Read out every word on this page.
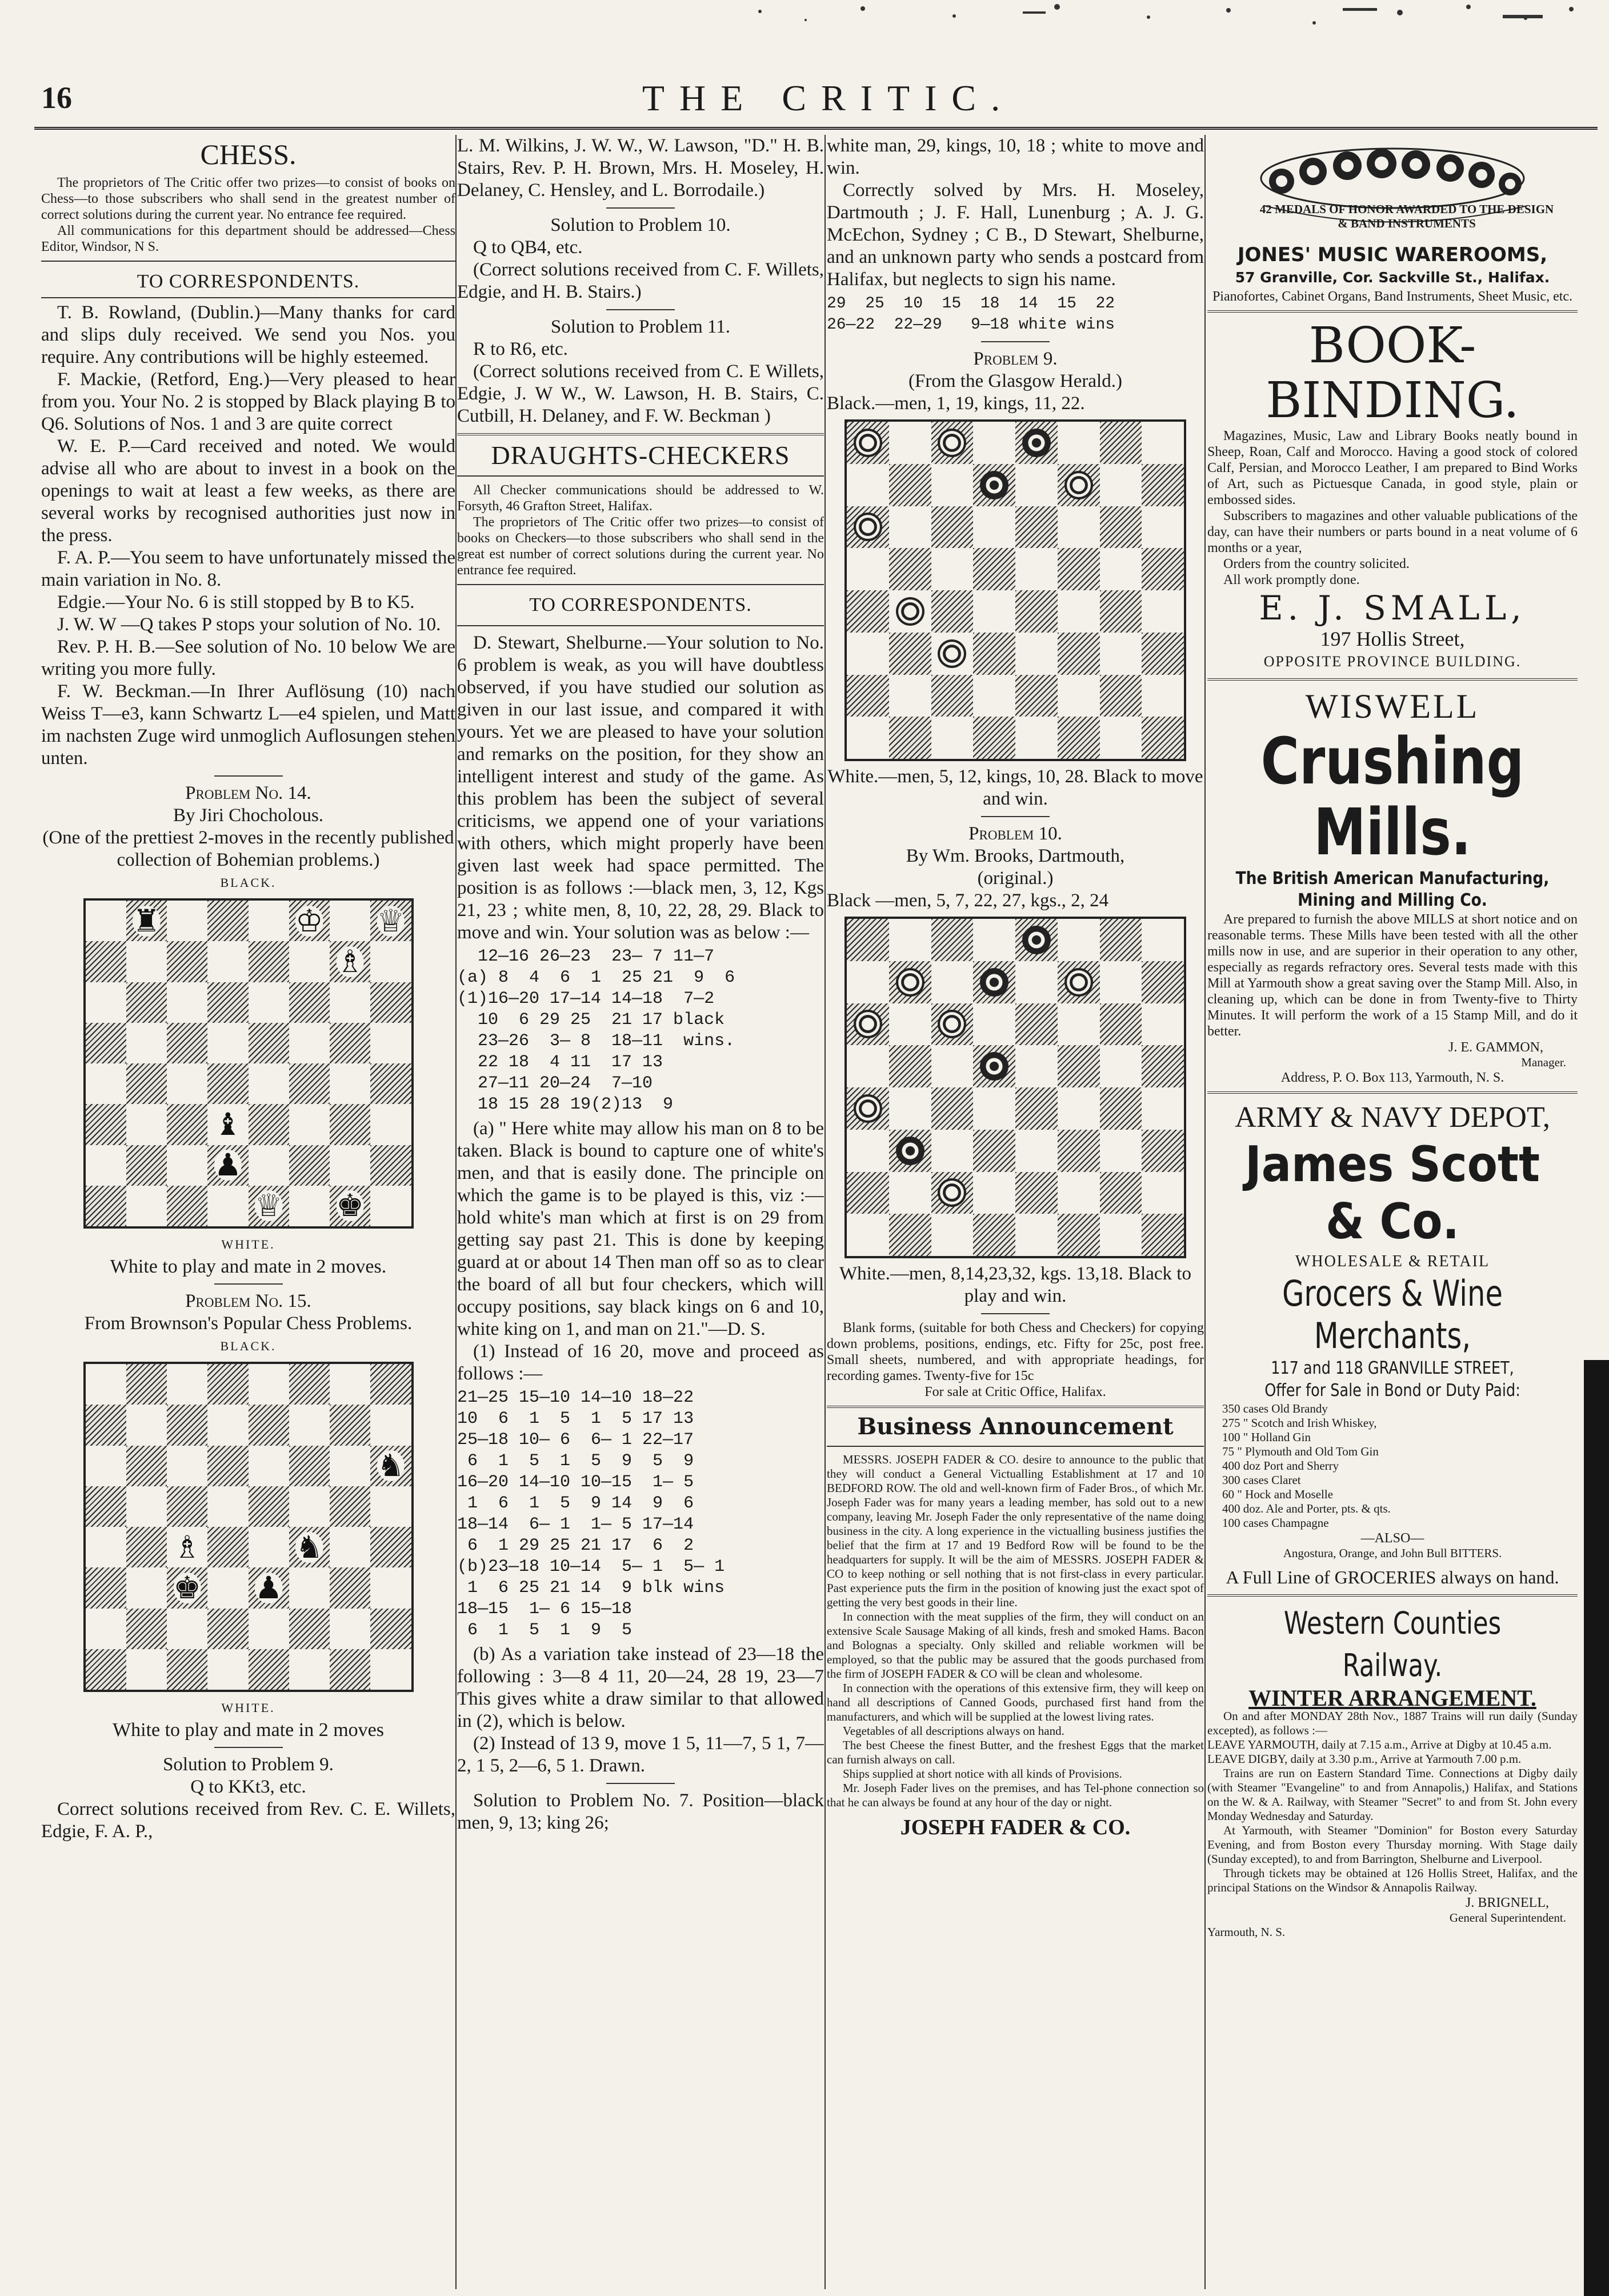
16	THE CRITIC.
CHESS.

The proprietors of The Critic offer two prizes—to consist of books on Chess—to those subscribers who shall send in the greatest number of correct solutions during the current year. No entrance fee required.

All communications for this department should be addressed—Chess Editor, Windsor, N S.

TO CORRESPONDENTS.

T. B. Rowland, (Dublin.)—Many thanks for card and slips duly received. We send you Nos. you require. Any contributions will be highly esteemed.

F. Mackie, (Retford, Eng.)—Very pleased to hear from you. Your No. 2 is stopped by Black playing B to Q6. Solutions of Nos. 1 and 3 are quite correct

W. E. P.—Card received and noted. We would advise all who are about to invest in a book on the openings to wait at least a few weeks, as there are several works by recognised authorities just now in the press.

F. A. P.—You seem to have unfortunately missed the main variation in No. 8.

Edgie.—Your No. 6 is still stopped by B to K5.

J. W. W —Q takes P stops your solution of No. 10.

Rev. P. H. B.—See solution of No. 10 below We are writing you more fully.

F. W. Beckman.—In Ihrer Auflösung (10) nach Weiss T—e3, kann Schwartz L—e4 spielen, und Matt im nachsten Zuge wird unmoglich Auflosungen stehen unten.

Problem No. 14.
By Jiri Chocholous.

(One of the prettiest 2-moves in the recently published collection of Bohemian problems.)

BLACK.
♜	♔ ♕
♗
♝
♟
♕ ♚
WHITE.
White to play and mate in 2 moves.
Problem No. 15.

From Brownson's Popular Chess Problems.

BLACK.
♞
♗	♞
♚ ♟
WHITE.
White to play and mate in 2 moves
Solution to Problem 9.
Q to KKt3, etc.

Correct solutions received from Rev. C. E. Willets, Edgie, F. A. P.,

L. M. Wilkins, J. W. W., W. Lawson, "D." H. B. Stairs, Rev. P. H. Brown, Mrs. H. Moseley, H. Delaney, C. Hensley, and L. Borrodaile.)

Solution to Problem 10.
Q to QB4, etc.

(Correct solutions received from C. F. Willets, Edgie, and H. B. Stairs.)

Solution to Problem 11.
R to R6, etc.

(Correct solutions received from C. E Willets, Edgie, J. W W., W. Lawson, H. B. Stairs, C. Cutbill, H. Delaney, and F. W. Beckman )

DRAUGHTS-CHECKERS

All Checker communications should be addressed to W. Forsyth, 46 Grafton Street, Halifax.

The proprietors of The Critic offer two prizes—to consist of books on Checkers—to those subscribers who shall send in the great est number of correct solutions during the current year. No entrance fee required.

TO CORRESPONDENTS.

D. Stewart, Shelburne.—Your solution to No. 6 problem is weak, as you will have doubtless observed, if you have studied our solution as given in our last issue, and compared it with yours. Yet we are pleased to have your solution and remarks on the position, for they show an intelligent interest and study of the game. As this problem has been the subject of several criticisms, we append one of your variations with others, which might properly have been given last week had space permitted. The position is as follows :—black men, 3, 12, Kgs 21, 23 ; white men, 8, 10, 22, 28, 29. Black to move and win. Your solution was as below :—

12—16 26—23  23— 7 11—7
(a) 8  4  6  1  25 21  9  6
(1)16—20 17—14 14—18  7—2
10  6 29 25  21 17 black
23—26  3— 8  18—11  wins.
22 18  4 11  17 13
27—11 20—24  7—10
18 15 28 19(2)13  9

(a) " Here white may allow his man on 8 to be taken. Black is bound to capture one of white's men, and that is easily done. The principle on which the game is to be played is this, viz :—hold white's man which at first is on 29 from getting say past 21. This is done by keeping guard at or about 14 Then man off so as to clear the board of all but four checkers, which will occupy positions, say black kings on 6 and 10, white king on 1, and man on 21."—D. S.

(1) Instead of 16 20, move and proceed as follows :—

21—25 15—10 14—10 18—22
10  6  1  5  1  5 17 13
25—18 10— 6  6— 1 22—17
6  1  5  1  5  9  5  9
16—20 14—10 10—15  1— 5
1  6  1  5  9 14  9  6
18—14  6— 1  1— 5 17—14
6  1 29 25 21 17  6  2
(b)23—18 10—14  5— 1  5— 1
1  6 25 21 14  9 blk wins
18—15  1— 6 15—18
6  1  5  1  9  5

(b) As a variation take instead of 23—18 the following : 3—8 4 11, 20—24, 28 19, 23—7 This gives white a draw similar to that allowed in (2), which is below.

(2) Instead of 13 9, move 1 5, 11—7, 5 1, 7—2, 1 5, 2—6, 5 1. Drawn.

Solution to Problem No. 7. Position—black men, 9, 13; king 26;

white man, 29, kings, 10, 18 ; white to move and win.

Correctly solved by Mrs. H. Moseley, Dartmouth ; J. F. Hall, Lunenburg ; A. J. G. McEchon, Sydney ; C B., D Stewart, Shelburne, and an unknown party who sends a postcard from Halifax, but neglects to sign his name.

29  25  10  15  18  14  15  22
26—22  22—29   9—18 white wins
Problem 9.
(From the Glasgow Herald.)
Black.—men, 1, 19, kings, 11, 22.

White.—men, 5, 12, kings, 10, 28. Black to move and win.

Problem 10.
By Wm. Brooks, Dartmouth,
(original.)
Black —men, 5, 7, 22, 27, kgs., 2, 24

White.—men, 8,14,23,32, kgs. 13,18. Black to play and win.

Blank forms, (suitable for both Chess and Checkers) for copying down problems, positions, endings, etc. Fifty for 25c, post free. Small sheets, numbered, and with appropriate headings, for recording games. Twenty-five for 15c

For sale at Critic Office, Halifax.
Business Announcement

MESSRS. JOSEPH FADER & CO. desire to announce to the public that they will conduct a General Victualling Establishment at 17 and 10 BEDFORD ROW. The old and well-known firm of Fader Bros., of which Mr. Joseph Fader was for many years a leading member, has sold out to a new company, leaving Mr. Joseph Fader the only representative of the name doing business in the city. A long experience in the victualling business justifies the belief that the firm at 17 and 19 Bedford Row will be found to be the headquarters for supply. It will be the aim of MESSRS. JOSEPH FADER & CO to keep nothing or sell nothing that is not first-class in every particular. Past experience puts the firm in the position of knowing just the exact spot of getting the very best goods in their line.

In connection with the meat supplies of the firm, they will conduct on an extensive Scale Sausage Making of all kinds, fresh and smoked Hams. Bacon and Bolognas a specialty. Only skilled and reliable workmen will be employed, so that the public may be assured that the goods purchased from the firm of JOSEPH FADER & CO will be clean and wholesome.

In connection with the operations of this extensive firm, they will keep on hand all descriptions of Canned Goods, purchased first hand from the manufacturers, and which will be supplied at the lowest living rates.

Vegetables of all descriptions always on hand.

The best Cheese the finest Butter, and the freshest Eggs that the market can furnish always on call.

Ships supplied at short notice with all kinds of Provisions.

Mr. Joseph Fader lives on the premises, and has Tel-phone connection so that he can always be found at any hour of the day or night.

JOSEPH FADER & CO.
42 MEDALS OF HONOR AWARDED TO THE DESIGN & BAND INSTRUMENTS
JONES' MUSIC WAREROOMS,
57 Granville, Cor. Sackville St., Halifax.

Pianofortes, Cabinet Organs, Band Instruments, Sheet Music, etc.

BOOK-BINDING.

Magazines, Music, Law and Library Books neatly bound in Sheep, Roan, Calf and Morocco. Having a good stock of colored Calf, Persian, and Morocco Leather, I am prepared to Bind Works of Art, such as Pictuesque Canada, in good style, plain or embossed sides.

Subscribers to magazines and other valuable publications of the day, can have their numbers or parts bound in a neat volume of 6 months or a year,

Orders from the country solicited.

All work promptly done.

E. J. SMALL,
197 Hollis Street,
OPPOSITE PROVINCE BUILDING.
WISWELL
Crushing Mills.
The British American Manufacturing, Mining and Milling Co.

Are prepared to furnish the above MILLS at short notice and on reasonable terms. These Mills have been tested with all the other mills now in use, and are superior in their operation to any other, especially as regards refractory ores. Several tests made with this Mill at Yarmouth show a great saving over the Stamp Mill. Also, in cleaning up, which can be done in from Twenty-five to Thirty Minutes. It will perform the work of a 15 Stamp Mill, and do it better.

J. E. GAMMON,
Manager.
Address, P. O. Box 113, Yarmouth, N. S.
ARMY & NAVY DEPOT,
James Scott & Co.
WHOLESALE & RETAIL
Grocers & Wine Merchants,
117 and 118 GRANVILLE STREET,
Offer for Sale in Bond or Duty Paid:
350 cases Old Brandy
275 " Scotch and Irish Whiskey,
100 " Holland Gin
75 " Plymouth and Old Tom Gin
400 doz Port and Sherry
300 cases Claret
60 " Hock and Moselle
400 doz. Ale and Porter, pts. & qts.
100 cases Champagne
—ALSO—
Angostura, Orange, and John Bull BITTERS.
A Full Line of GROCERIES always on hand.
Western Counties Railway.
WINTER ARRANGEMENT.

On and after MONDAY 28th Nov., 1887 Trains will run daily (Sunday excepted), as follows :—

LEAVE YARMOUTH, daily at 7.15 a.m., Arrive at Digby at 10.45 a.m.

LEAVE DIGBY, daily at 3.30 p.m., Arrive at Yarmouth 7.00 p.m.

Trains are run on Eastern Standard Time. Connections at Digby daily (with Steamer "Evangeline" to and from Annapolis,) Halifax, and Stations on the W. & A. Railway, with Steamer "Secret" to and from St. John every Monday Wednesday and Saturday.

At Yarmouth, with Steamer "Dominion" for Boston every Saturday Evening, and from Boston every Thursday morning. With Stage daily (Sunday excepted), to and from Barrington, Shelburne and Liverpool.

Through tickets may be obtained at 126 Hollis Street, Halifax, and the principal Stations on the Windsor & Annapolis Railway.

J. BRIGNELL,
General Superintendent.
Yarmouth, N. S.
